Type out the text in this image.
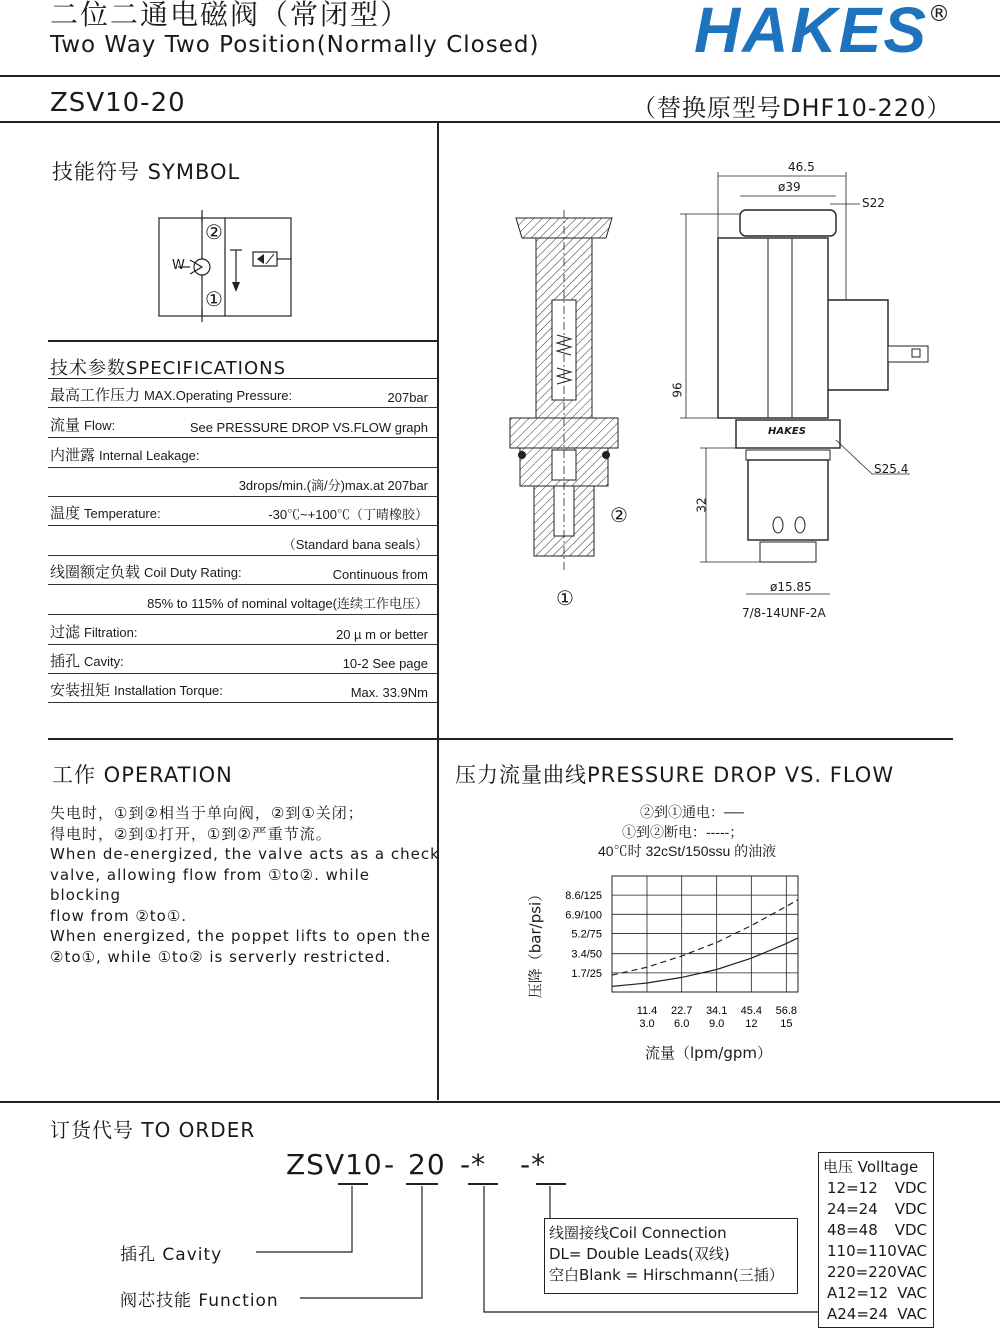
二位二通电磁阀（常闭型）
Two Way Two Position(Normally Closed) HAKES ®
ZSV10-20	（替换原型号DHF10-220）
技能符号 SYMBOL
②
①
W
技术参数SPECIFICATIONS
最高工作压力 MAX.Operating Pressure:	207bar
流量 Flow:	See PRESSURE DROP VS.FLOW graph
内泄露 Internal Leakage:
3drops/min.(滴/分)max.at 207bar
温度 Temperature:	-30℃~+100℃（丁晴橡胶）
（Standard bana seals）
线圈额定负载 Coil Duty Rating:	Continuous from
85% to 115% of nominal voltage(连续工作电压）
过滤 Filtration:	20 µ m or better
插孔 Cavity:	10-2 See page
安装扭矩 Installation Torque:	Max. 33.9Nm
46.5
ø39
S22
96
32
S25.4
ø15.85
7/8-14UNF-2A
HAKES
②
①
工作 OPERATION
失电时，①到②相当于单向阀，②到①关闭；
得电时，②到①打开，①到②严重节流。
When de-energized, the valve acts as a check
valve, allowing flow from ①to②. while blocking
flow from ②to①.
When energized, the poppet lifts to open the
②to①, while ①to② is serverly restricted.
压力流量曲线PRESSURE DROP VS. FLOW
②到①通电：──
①到②断电：-----；
40℃时 32cSt/150ssu 的油液
压降（bar/psi） 8.6/125
6.9/100
5.2/75
3.4/50
1.7/25
11.4 22.7 34.1 45.4 56.8
3.0 6.0 9.0 12 15
流量（lpm/gpm）
订货代号 TO ORDER
ZSV10 - 20 -* -*
插孔 Cavity
阀芯技能 Function
线圈接线Coil Connection
DL= Double Leads(双线)
空白Blank = Hirschmann(三插）
电压 Volltage
12=12 VDC
24=24 VDC
48=48 VDC
110=110 VAC
220=220 VAC
A12=12 VAC
A24=24 VAC
